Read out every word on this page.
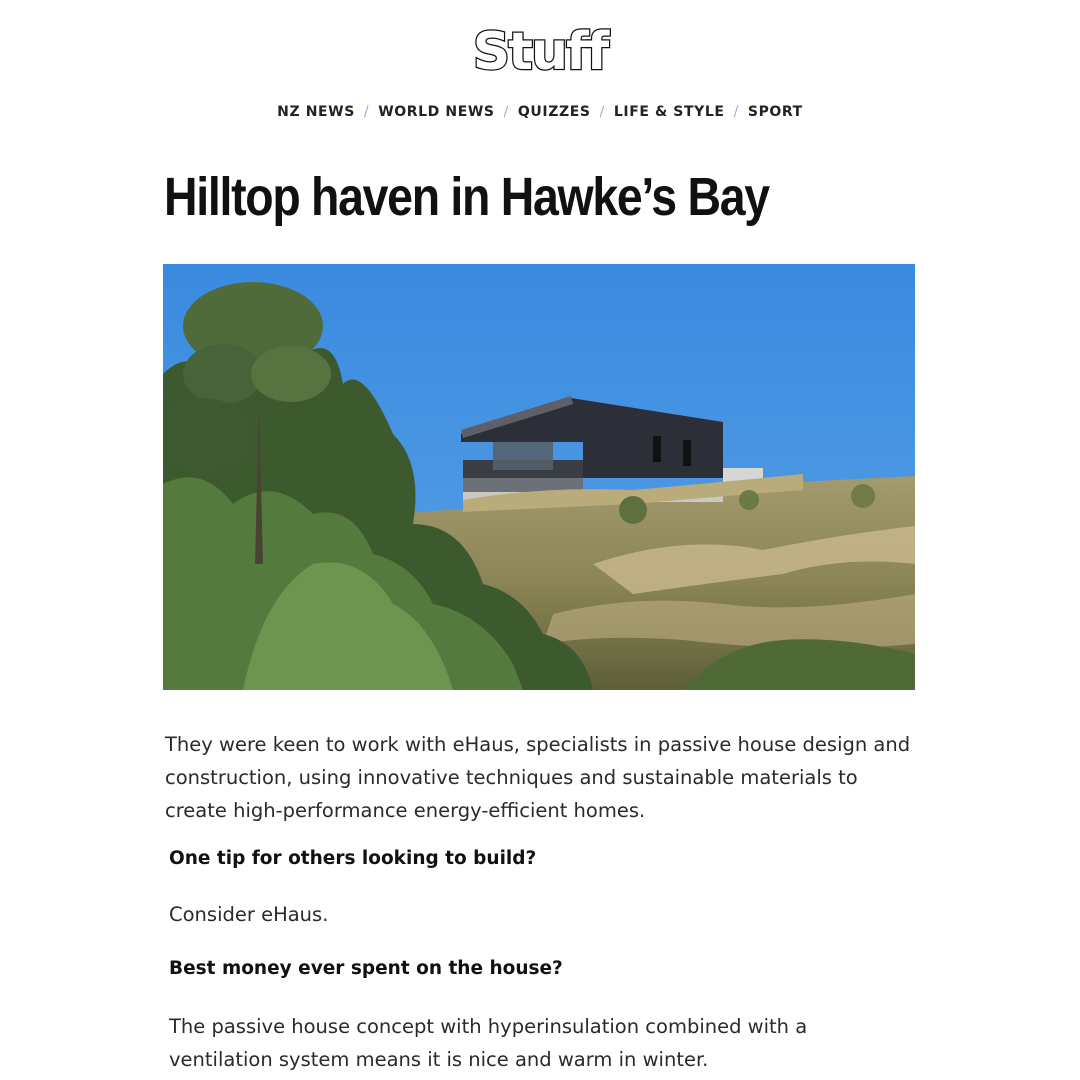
Stuff
NZ NEWS / WORLD NEWS / QUIZZES / LIFE & STYLE / SPORT
Hilltop haven in Hawke’s Bay

They were keen to work with eHaus, specialists in passive house design and construction, using innovative techniques and sustainable materials to create high-performance energy-efficient homes.

One tip for others looking to build?

Consider eHaus.

Best money ever spent on the house?

The passive house concept with hyperinsulation combined with a ventilation system means it is nice and warm in winter.
